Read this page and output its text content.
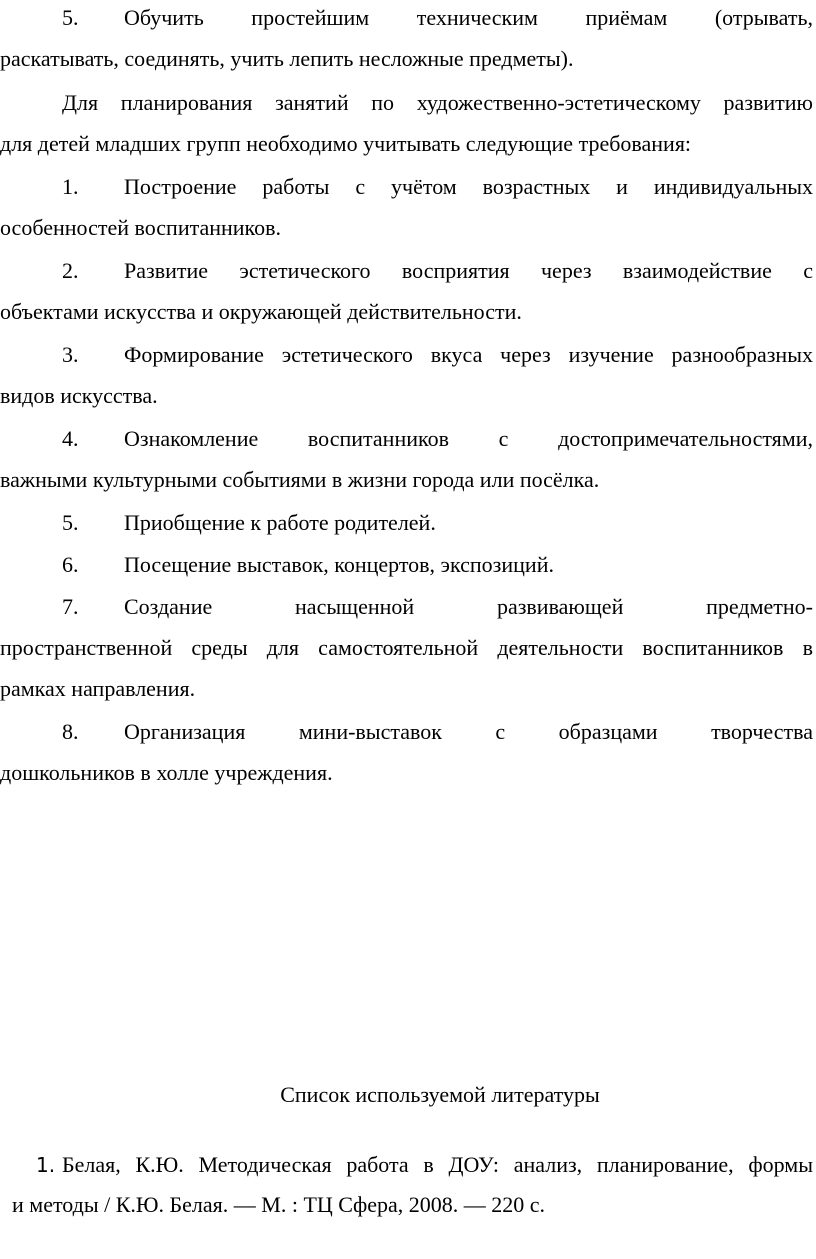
5.	Обучить простейшим техническим приёмам (отрывать,
раскатывать, соединять, учить лепить несложные предметы).
Для планирования занятий по художественно-эстетическому развитию
для детей младших групп необходимо учитывать следующие требования:
1.	Построение работы с учётом возрастных и индивидуальных
особенностей воспитанников.
2.	Развитие эстетического восприятия через взаимодействие с
объектами искусства и окружающей действительности.
3.	Формирование эстетического вкуса через изучение разнообразных
видов искусства.
4.	Ознакомление воспитанников с достопримечательностями,
важными культурными событиями в жизни города или посёлка.
5.	Приобщение к работе родителей.
6.	Посещение выставок, концертов, экспозиций.
7.	Создание насыщенной развивающей предметно-
пространственной среды для самостоятельной деятельности воспитанников в
рамках направления.
8.	Организация мини-выставок с образцами творчества
дошкольников в холле учреждения.
Список используемой литературы
1. Белая, К.Ю. Методическая работа в ДОУ: анализ, планирование, формы
и методы / К.Ю. Белая. — М. : ТЦ Сфера, 2008. — 220 с.
